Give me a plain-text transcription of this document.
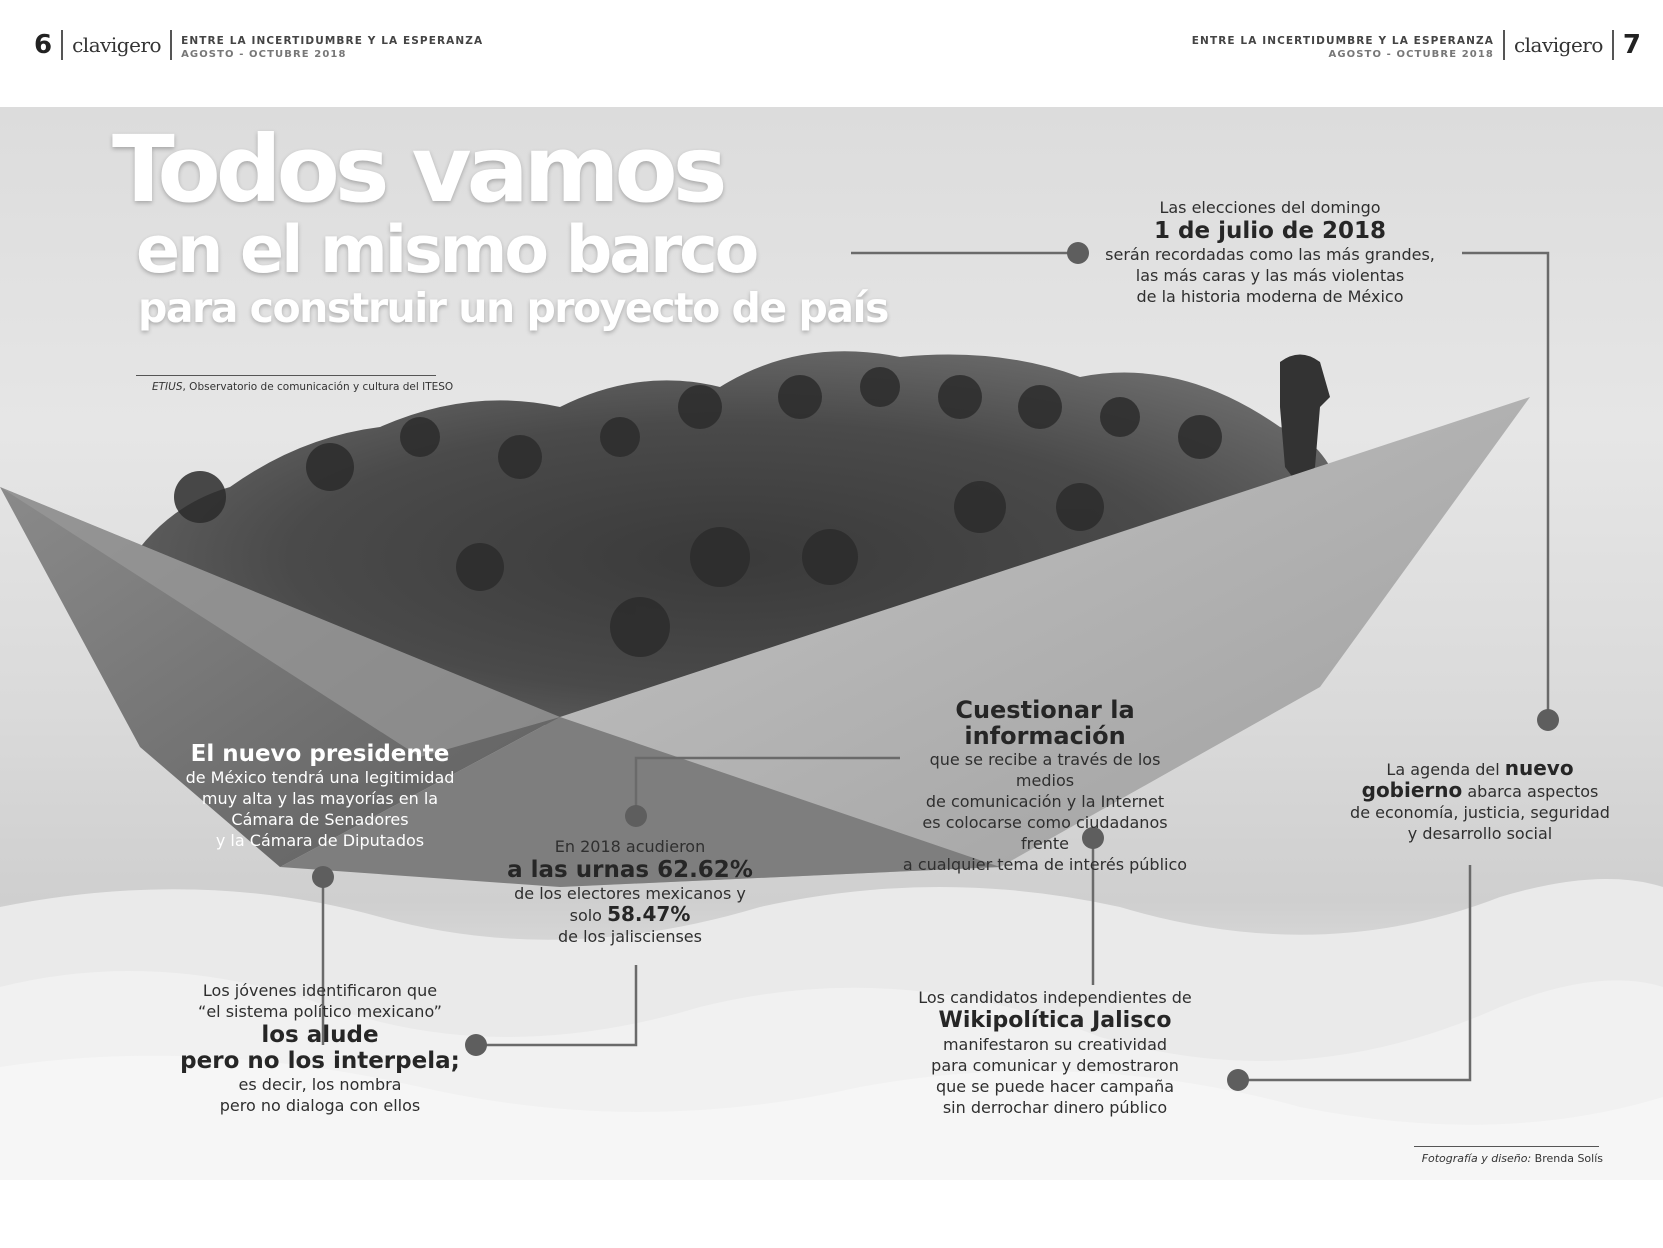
6 clavigero ENTRE LA INCERTIDUMBRE Y LA ESPERANZA
AGOSTO - OCTUBRE 2018
ENTRE LA INCERTIDUMBRE Y LA ESPERANZA
AGOSTO - OCTUBRE 2018 clavigero 7
Todos vamos
en el mismo barco
para construir un proyecto de país
ETIUS, Observatorio de comunicación y cultura del ITESO
Las elecciones del domingo
1 de julio de 2018
serán recordadas como las más grandes,
las más caras y las más violentas
de la historia moderna de México
El nuevo presidente
de México tendrá una legitimidad
muy alta y las mayorías en la
Cámara de Senadores
y la Cámara de Diputados	En 2018 acudieron
a las urnas 62.62%
de los electores mexicanos y
solo 58.47%
de los jaliscienses
Cuestionar la información
que se recibe a través de los medios
de comunicación y la Internet
es colocarse como ciudadanos frente
a cualquier tema de interés público
La agenda del nuevo
gobierno abarca aspectos
de economía, justicia, seguridad
y desarrollo social
Los jóvenes identificaron que
“el sistema político mexicano”
los alude
pero no los interpela;
es decir, los nombra
pero no dialoga con ellos
Los candidatos independientes de
Wikipolítica Jalisco
manifestaron su creatividad
para comunicar y demostraron
que se puede hacer campaña
sin derrochar dinero público
Fotografía y diseño: Brenda Solís
